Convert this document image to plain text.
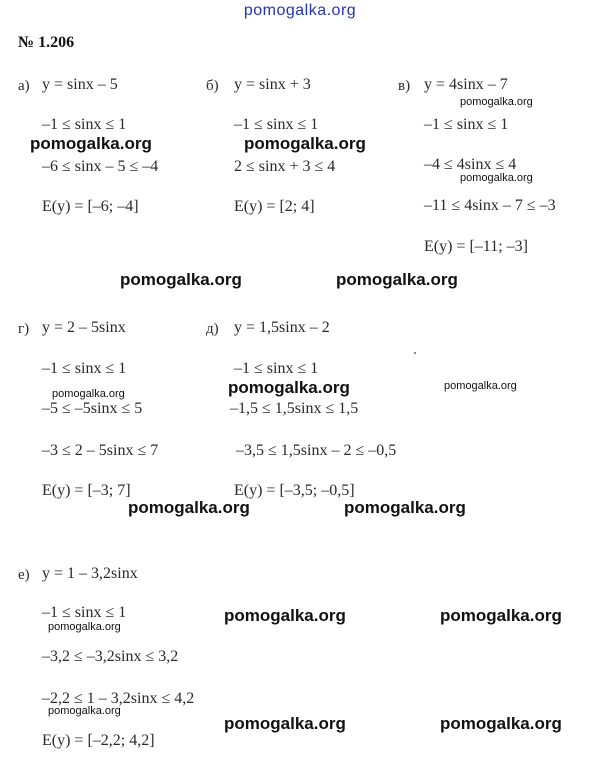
pomogalka.org
№ 1.206
а) y = sinx – 5
–1 ≤ sinx ≤ 1
–6 ≤ sinx – 5 ≤ –4
E(y) = [–6; –4]
б) y = sinx + 3
–1 ≤ sinx ≤ 1
2 ≤ sinx + 3 ≤ 4
E(y) = [2; 4]
в) y = 4sinx – 7
–1 ≤ sinx ≤ 1
–4 ≤ 4sinx ≤ 4
–11 ≤ 4sinx – 7 ≤ –3
E(y) = [–11; –3]
г) y = 2 – 5sinx
–1 ≤ sinx ≤ 1
–5 ≤ –5sinx ≤ 5
–3 ≤ 2 – 5sinx ≤ 7
E(y) = [–3; 7]
д) y = 1,5sinx – 2
–1 ≤ sinx ≤ 1
–1,5 ≤ 1,5sinx ≤ 1,5
–3,5 ≤ 1,5sinx – 2 ≤ –0,5
E(y) = [–3,5; –0,5]
е) y = 1 – 3,2sinx
–1 ≤ sinx ≤ 1
–3,2 ≤ –3,2sinx ≤ 3,2
–2,2 ≤ 1 – 3,2sinx ≤ 4,2
E(y) = [–2,2; 4,2]
pomogalka.org	pomogalka.org
pomogalka.org	pomogalka.org
pomogalka.org
pomogalka.org	pomogalka.org
pomogalka.org	pomogalka.org
pomogalka.org	pomogalka.org
pomogalka.org
pomogalka.org
pomogalka.org
pomogalka.org
pomogalka.org
pomogalka.org
